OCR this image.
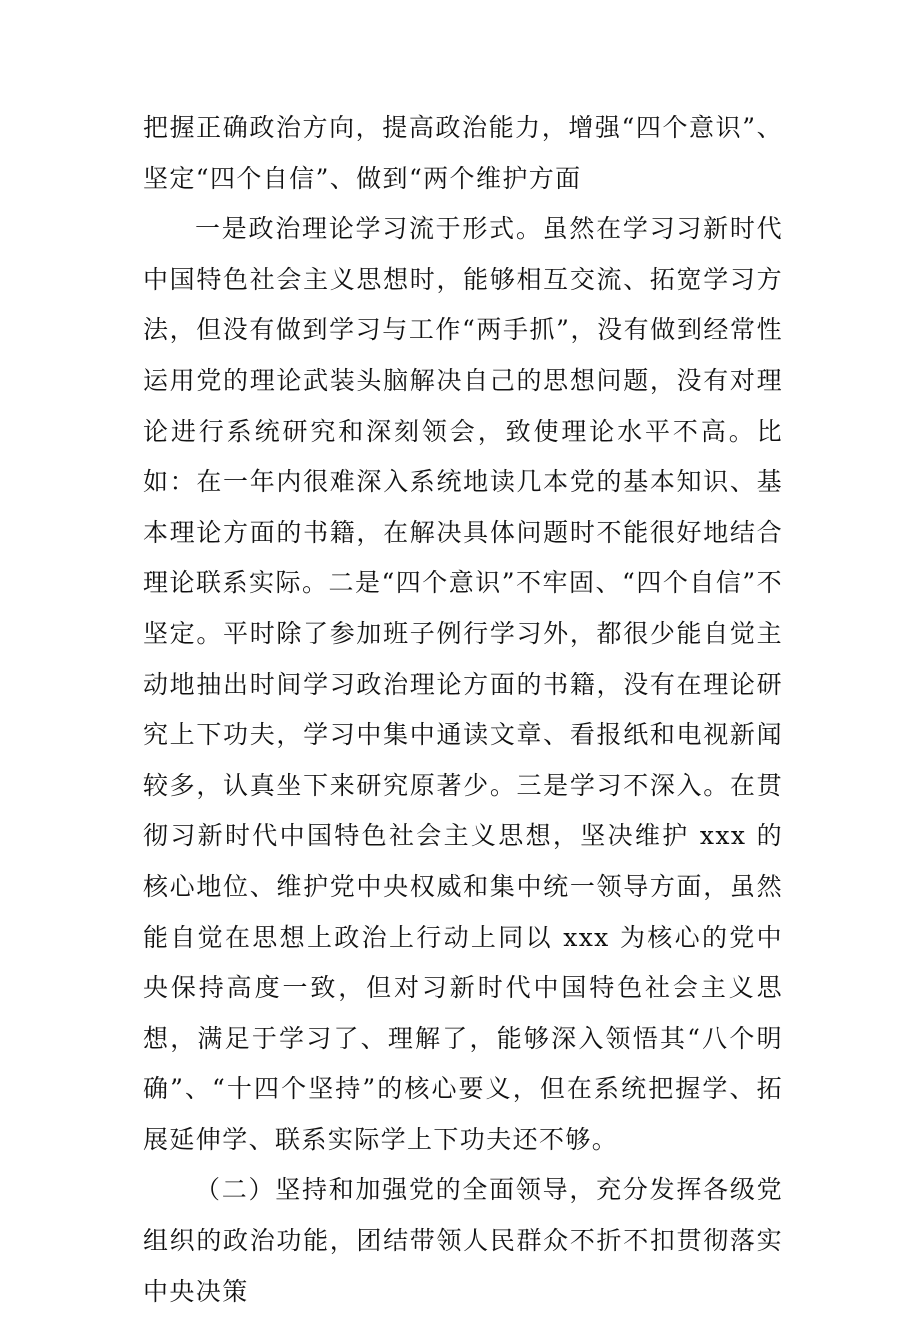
把握正确政治方向，提高政治能力，增强“四个意识”、坚定“四个自信”、做到“两个维护方面

一是政治理论学习流于形式。虽然在学习习新时代中国特色社会主义思想时，能够相互交流、拓宽学习方法，但没有做到学习与工作“两手抓”，没有做到经常性运用党的理论武装头脑解决自己的思想问题，没有对理论进行系统研究和深刻领会，致使理论水平不高。比如：在一年内很难深入系统地读几本党的基本知识、基本理论方面的书籍，在解决具体问题时不能很好地结合理论联系实际。二是“四个意识”不牢固、“四个自信”不坚定。平时除了参加班子例行学习外，都很少能自觉主动地抽出时间学习政治理论方面的书籍，没有在理论研究上下功夫，学习中集中通读文章、看报纸和电视新闻较多，认真坐下来研究原著少。三是学习不深入。在贯彻习新时代中国特色社会主义思想，坚决维护 xxx 的核心地位、维护党中央权威和集中统一领导方面，虽然能自觉在思想上政治上行动上同以 xxx 为核心的党中央保持高度一致，但对习新时代中国特色社会主义思想，满足于学习了、理解了，能够深入领悟其“八个明确”、“十四个坚持”的核心要义，但在系统把握学、拓展延伸学、联系实际学上下功夫还不够。

（二）坚持和加强党的全面领导，充分发挥各级党组织的政治功能，团结带领人民群众不折不扣贯彻落实中央决策
